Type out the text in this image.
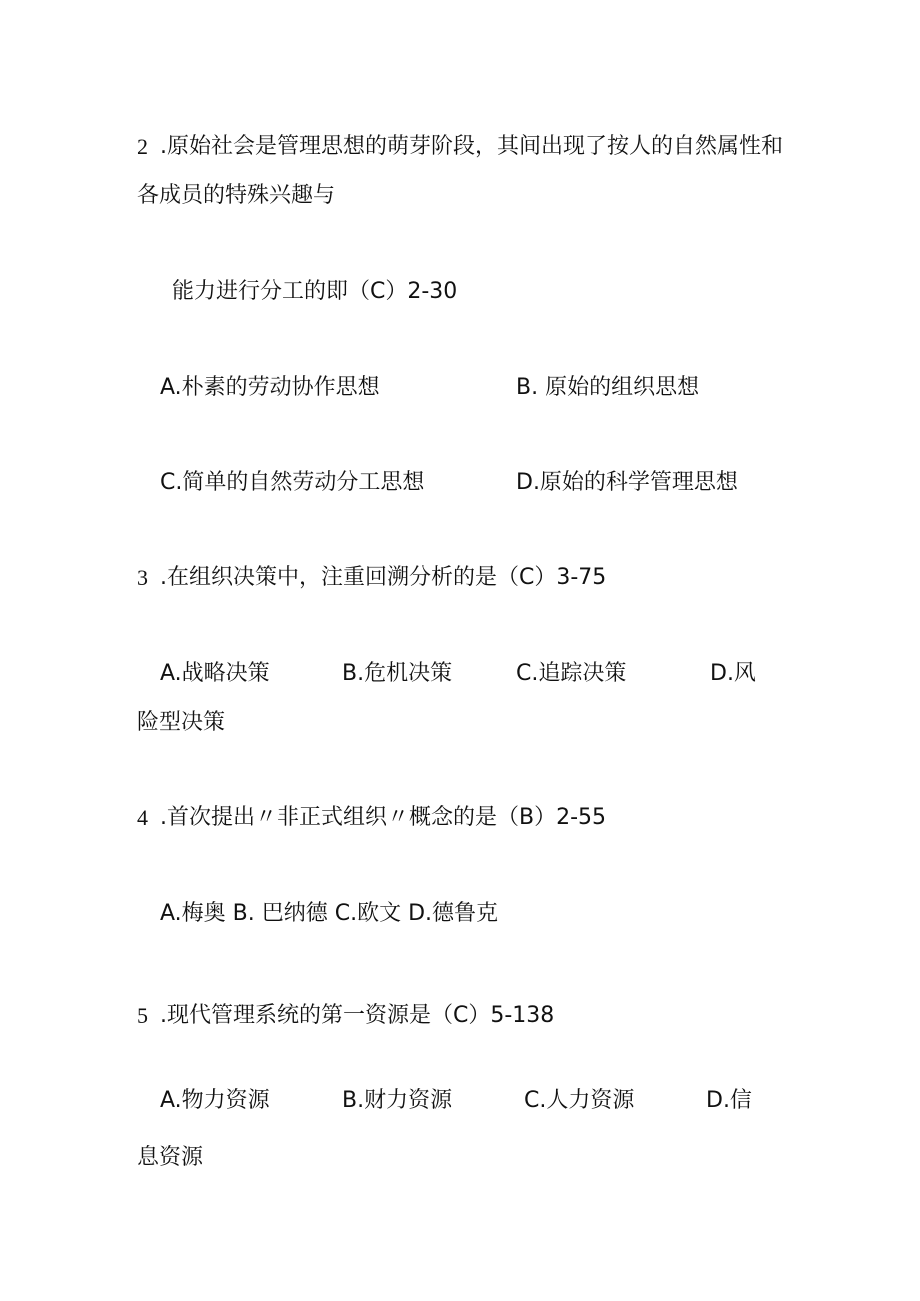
2 .原始社会是管理思想的萌芽阶段，其间出现了按人的自然属性和

各成员的特殊兴趣与

能力进行分工的即（C）2-30

A.朴素的劳动协作思想	B. 原始的组织思想

C.简单的自然劳动分工思想	D.原始的科学管理思想

3 .在组织决策中，注重回溯分析的是（C）3-75

A.战略决策	B.危机决策	C.追踪决策	D.风

险型决策

4 .首次提出〃非正式组织〃概念的是（B）2-55

A.梅奥 B. 巴纳德 C.欧文 D.德鲁克

5 .现代管理系统的第一资源是（C）5-138

A.物力资源	B.财力资源	C.人力资源	D.信

息资源
